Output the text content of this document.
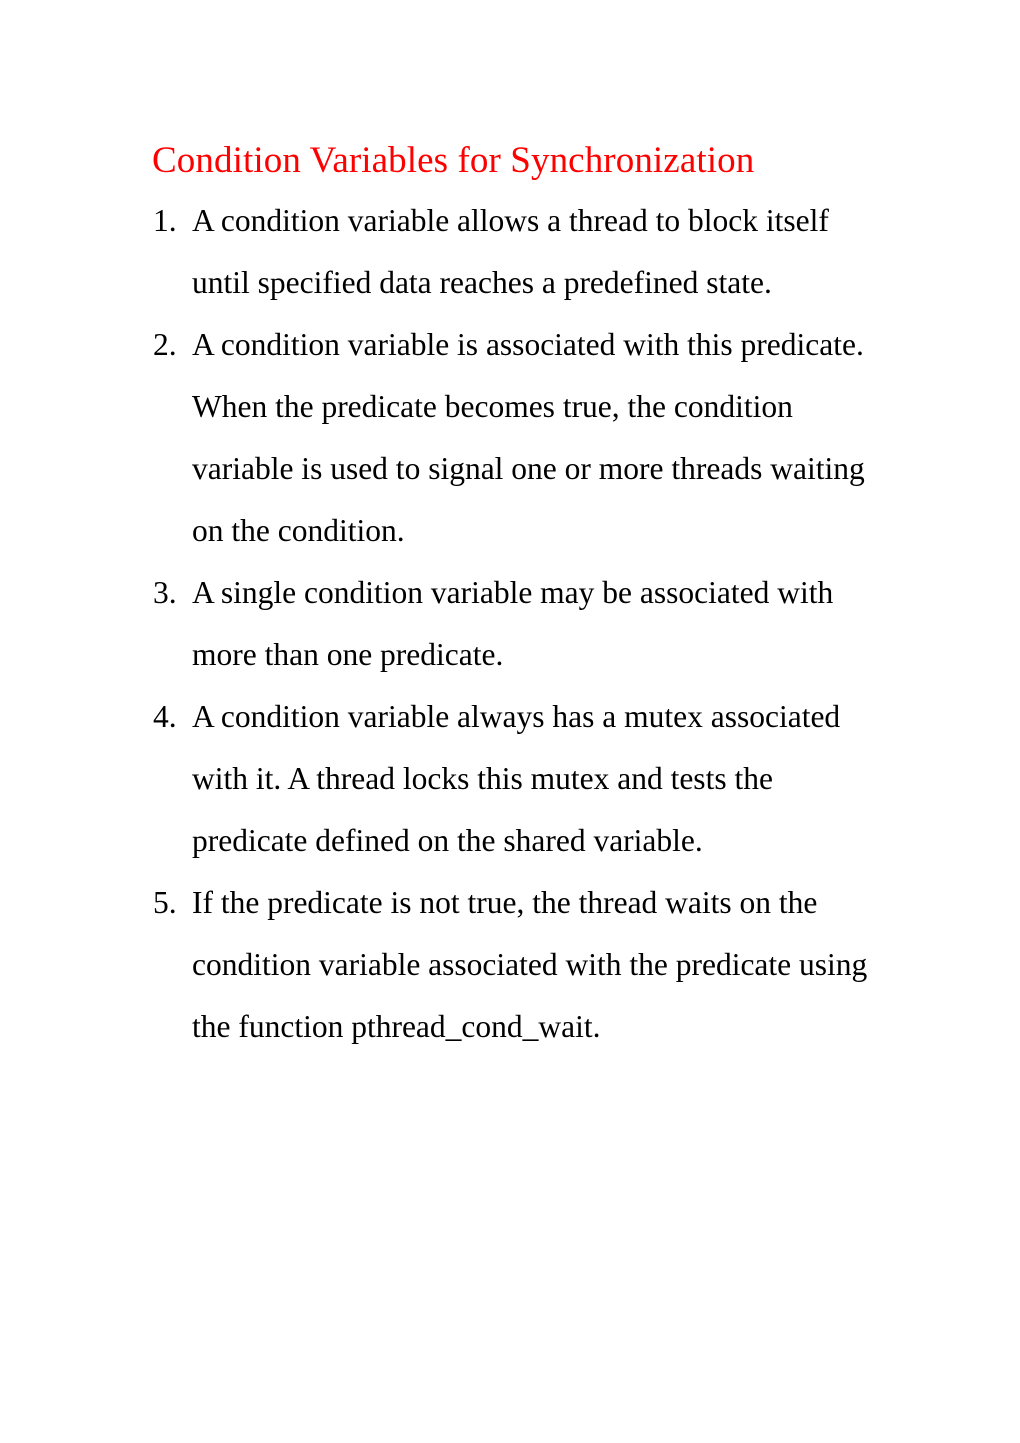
Condition Variables for Synchronization
1. A condition variable allows a thread to block itself
until specified data reaches a predefined state.
2. A condition variable is associated with this predicate.
When the predicate becomes true, the condition
variable is used to signal one or more threads waiting
on the condition.
3. A single condition variable may be associated with
more than one predicate.
4. A condition variable always has a mutex associated
with it. A thread locks this mutex and tests the
predicate defined on the shared variable.
5. If the predicate is not true, the thread waits on the
condition variable associated with the predicate using
the function pthread_cond_wait.
